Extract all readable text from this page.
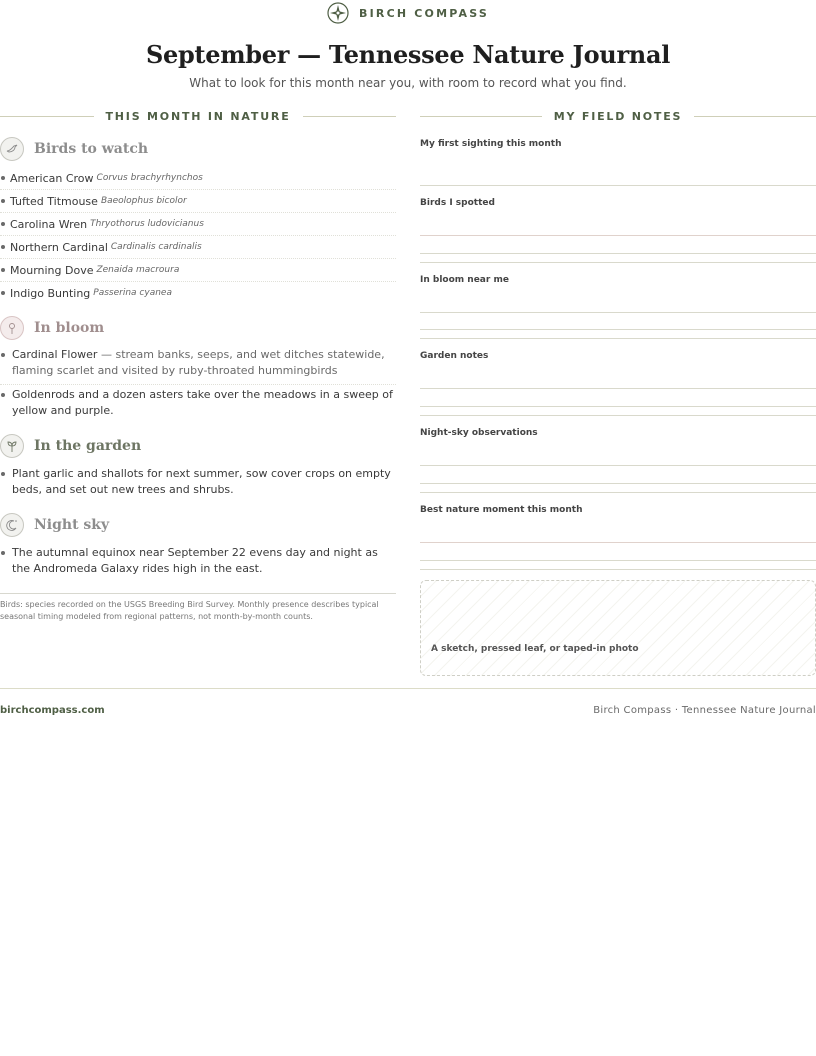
BIRCH COMPASS
September — Tennessee Nature Journal
What to look for this month near you, with room to record what you find.
THIS MONTH IN NATURE	MY FIELD NOTES
Birds to watch
American Crow Corvus brachyrhynchos
Tufted Titmouse Baeolophus bicolor
Carolina Wren Thryothorus ludovicianus
Northern Cardinal Cardinalis cardinalis
Mourning Dove Zenaida macroura
Indigo Bunting Passerina cyanea
In bloom
Cardinal Flower — stream banks, seeps, and wet ditches statewide, flaming scarlet and visited by ruby-throated hummingbirds
Goldenrods and a dozen asters take over the meadows in a sweep of yellow and purple.
In the garden
Plant garlic and shallots for next summer, sow cover crops on empty beds, and set out new trees and shrubs.
Night sky
The autumnal equinox near September 22 evens day and night as the Andromeda Galaxy rides high in the east.
Birds: species recorded on the USGS Breeding Bird Survey. Monthly presence describes typical seasonal timing modeled from regional patterns, not month-by-month counts.
My first sighting this month
Birds I spotted
In bloom near me
Garden notes
Night-sky observations
Best nature moment this month
A sketch, pressed leaf, or taped-in photo
birchcompass.com	Birch Compass · Tennessee Nature Journal
